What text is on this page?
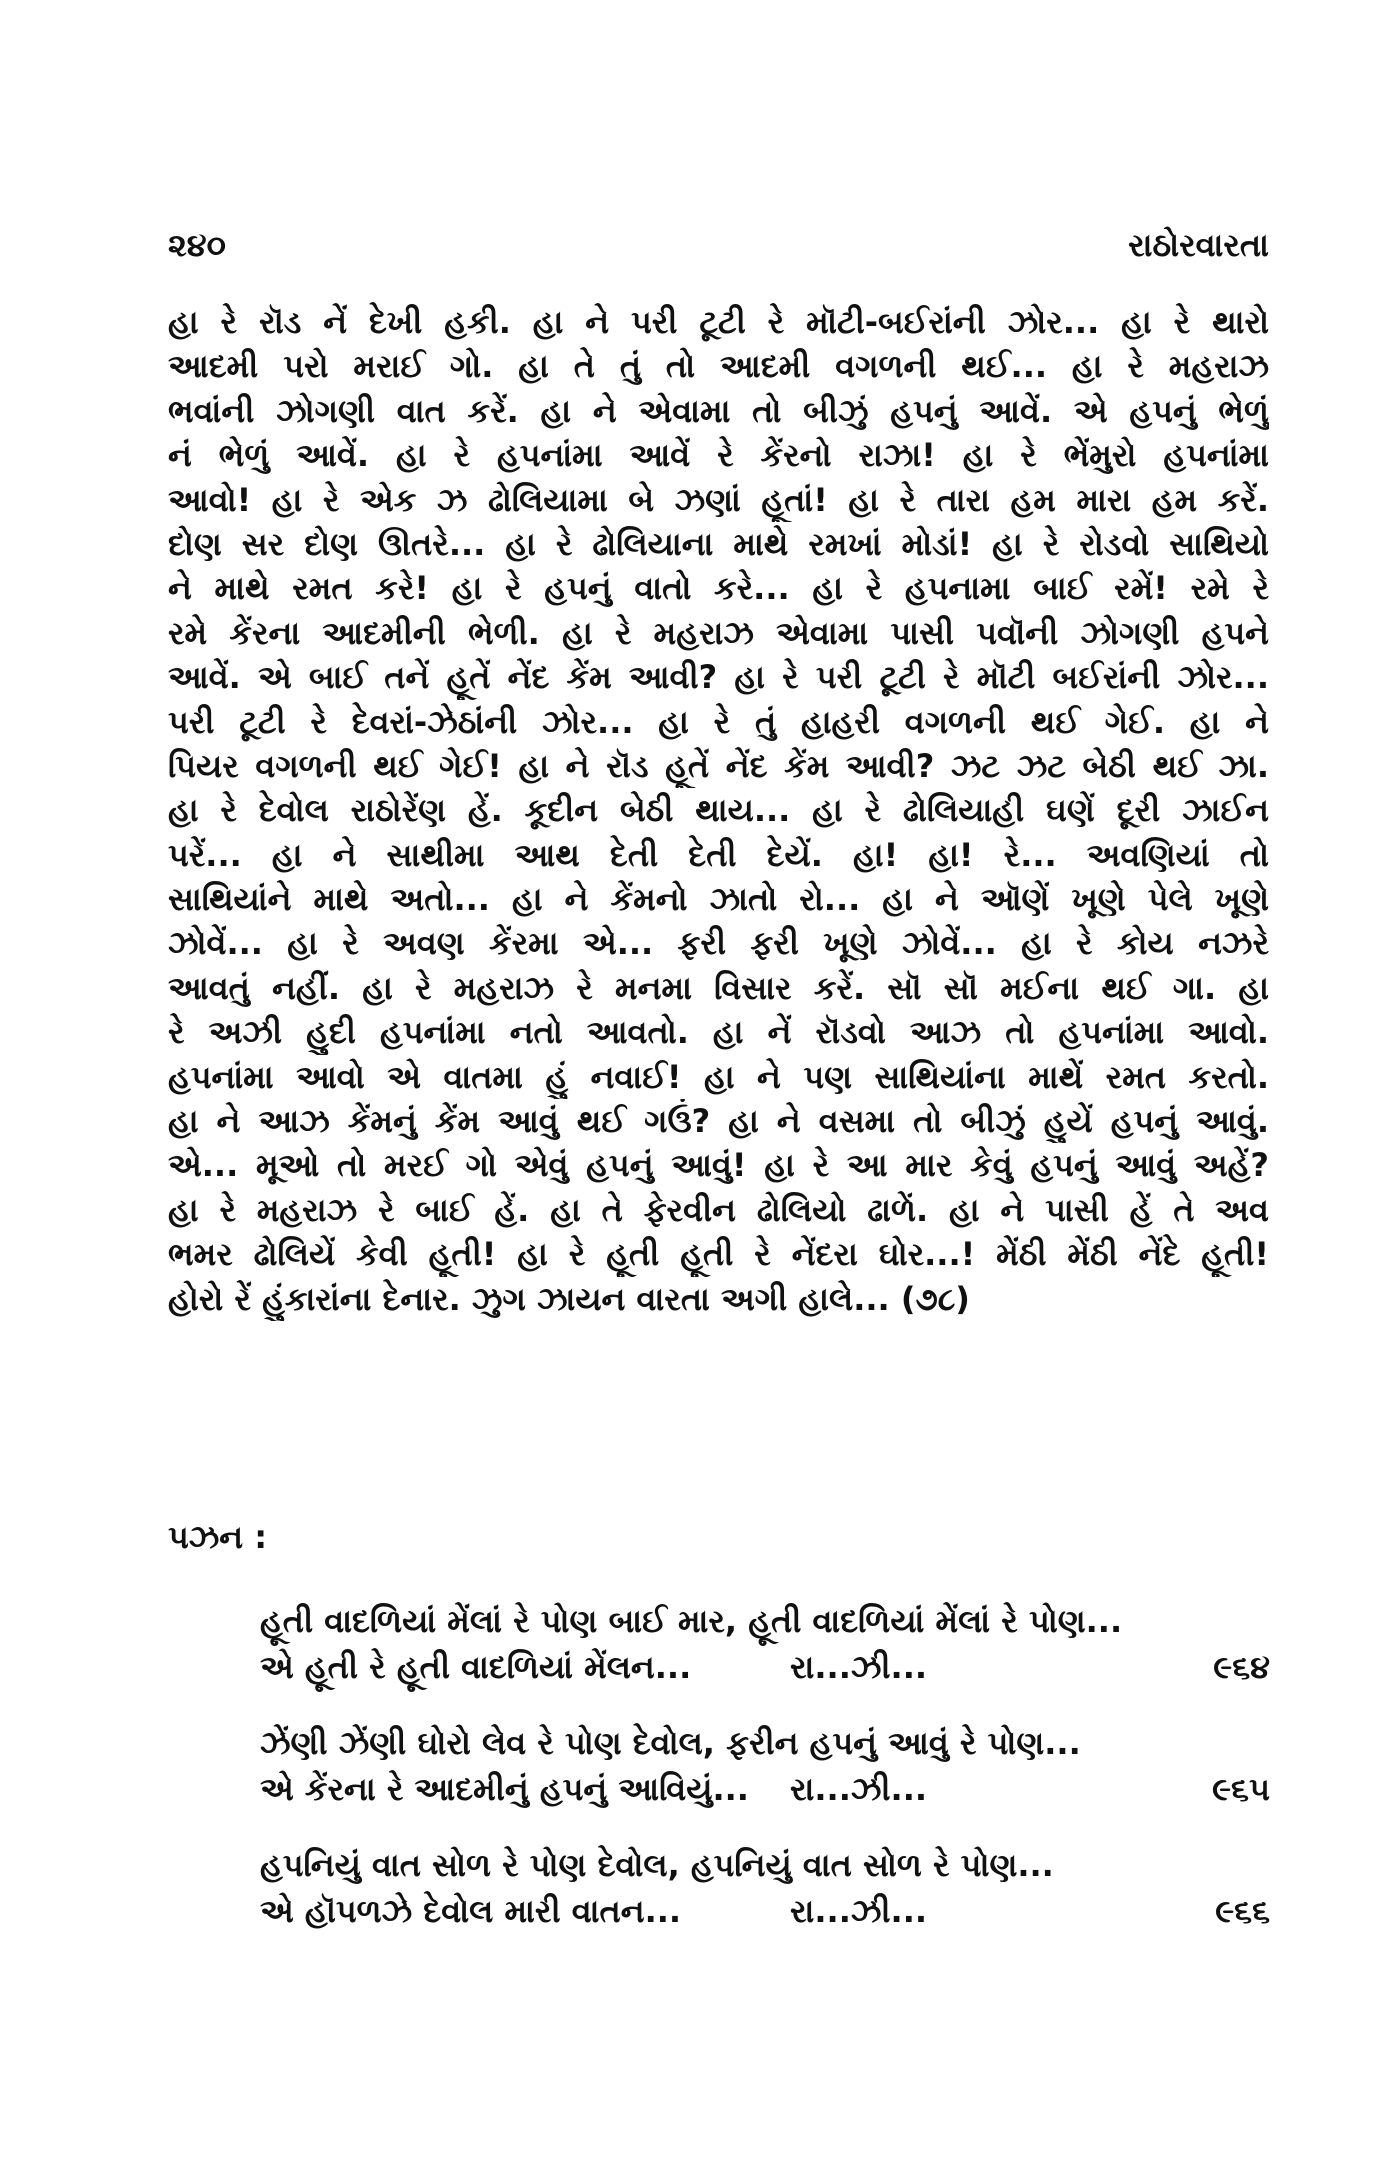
૨૪૦	રાઠોરવારતા
હા રે રૉડ નેં દેખી હકી. હા ને પરી ટૂટી રે મૉટી-બઈરાંની ઝોર... હા રે થારો
આદમી પરો મરાઈ ગો. હા તે તું તો આદમી વગળની થઈ... હા રે મહરાઝ
ભવાંની ઝોગણી વાત કરેં. હા ને એવામા તો બીઝું હપનું આવેં. એ હપનું ભેળું
નં ભેળું આવેં. હા રે હપનાંમા આવેં રે કેંરનો રાઝા! હા રે ભેંમુરો હપનાંમા
આવો! હા રે એક ઝ ઢોલિયામા બે ઝણાં હૂતાં! હા રે તારા હમ મારા હમ કરેં.
દોણ સર દોણ ઊતરે... હા રે ઢોલિયાના માથે રમખાં મોડાં! હા રે રોડવો સાથિયો
ને માથે રમત કરે! હા રે હપનું વાતો કરે... હા રે હપનામા બાઈ રમેં! રમે રે
રમે કેંરના આદમીની ભેળી. હા રે મહરાઝ એવામા પાસી પવૉની ઝોગણી હપને
આવેં. એ બાઈ તનેં હૂતેં નેંદ કેંમ આવી? હા રે પરી ટૂટી રે મૉટી બઈરાંની ઝોર...
પરી ટૂટી રે દેવરાં-ઝેઠાંની ઝોર... હા રે તું હાહરી વગળની થઈ ગેઈ. હા ને
પિયર વગળની થઈ ગેઈ! હા ને રૉડ હૂતેં નેંદ કેંમ આવી? ઝટ ઝટ બેઠી થઈ ઝા.
હા રે દેવોલ રાઠોરેંણ હેં. કૂદીન બેઠી થાય... હા રે ઢોલિયાહી ઘણેં દૂરી ઝાઈન
પરેં... હા ને સાથીમા આથ દેતી દેતી દેયેં. હા! હા! રે... અવણિયાં તો
સાથિયાંને માથે અતો... હા ને કેંમનો ઝાતો રો... હા ને ઑણેં ખૂણે પેલે ખૂણે
ઝોવેં... હા રે અવણ કેંરમા એ... ફરી ફરી ખૂણે ઝોવેં... હા રે કોય નઝરે
આવતું નહીં. હા રે મહરાઝ રે મનમા વિસાર કરેં. સૉ સૉ મઈના થઈ ગા. હા
રે અઝી હુદી હપનાંમા નતો આવતો. હા નેં રૉડવો આઝ તો હપનાંમા આવો.
હપનાંમા આવો એ વાતમા હું નવાઈ! હા ને પણ સાથિયાંના માથેં રમત કરતો.
હા ને આઝ કેંમનું કેંમ આવું થઈ ગઉં? હા ને વસમા તો બીઝું હુયેં હપનું આવું.
એ... મૂઓ તો મરઈ ગો એવું હપનું આવું! હા રે આ માર કેવું હપનું આવું અહેં?
હા રે મહરાઝ રે બાઈ હેં. હા તે ફેરવીન ઢોલિયો ઢાળેં. હા ને પાસી હેં તે અવ
ભમર ઢોલિયેં કેવી હૂતી! હા રે હૂતી હૂતી રે નેંદરા ઘોર...! મેંઠી મેંઠી નેંદે હૂતી!
હોરો રેં હુંકારાંના દેનાર. ઝુગ ઝાયન વારતા અગી હાલે... (૭૮)
પઝન :
હૂતી વાદળિયાં મેંલાં રે પોણ બાઈ માર, હૂતી વાદળિયાં મેંલાં રે પોણ...
એ હૂતી રે હૂતી વાદળિયાં મેંલન...	રા...ઝી...	૯૬૪
ઝેંણી ઝેંણી ઘોરો લેવ રે પોણ દેવોલ, ફરીન હપનું આવું રે પોણ...
એ કેંરના રે આદમીનું હપનું આવિયું... રા...ઝી...	૯૬૫
હપનિયું વાત સોળ રે પોણ દેવોલ, હપનિયું વાત સોળ રે પોણ...
એ હૉપળઝે દેવોલ મારી વાતન...	રા...ઝી...	૯૬૬
